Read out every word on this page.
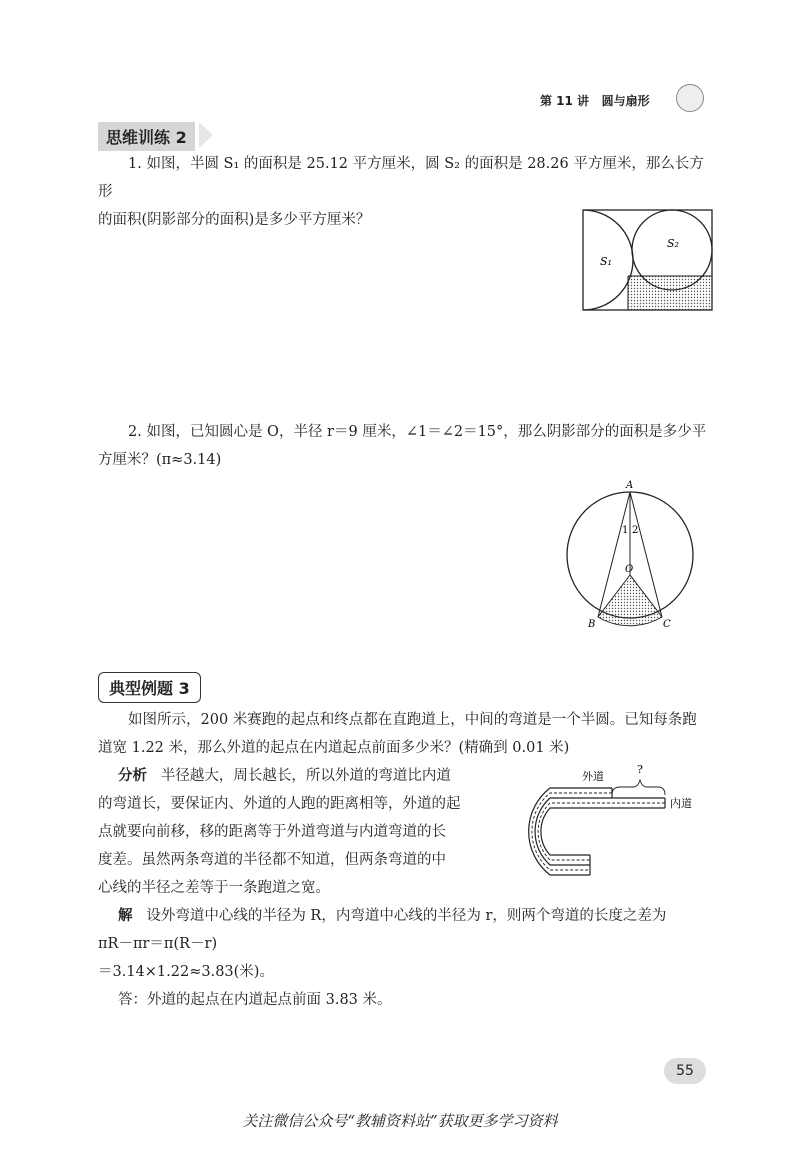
第 11 讲 圆与扇形
思维训练 2
1. 如图，半圆 S₁ 的面积是 25.12 平方厘米，圆 S₂ 的面积是 28.26 平方厘米，那么长方形
的面积(阴影部分的面积)是多少平方厘米？
S₁
S₂
2. 如图，已知圆心是 O，半径 r＝9 厘米，∠1＝∠2＝15°，那么阴影部分的面积是多少平
方厘米？(π≈3.14)
A
B	C
O
1 2
典型例题 3
如图所示，200 米赛跑的起点和终点都在直跑道上，中间的弯道是一个半圆。已知每条跑
道宽 1.22 米，那么外道的起点在内道起点前面多少米？(精确到 0.01 米)
分析 半径越大，周长越长，所以外道的弯道比内道
的弯道长，要保证内、外道的人跑的距离相等，外道的起
点就要向前移，移的距离等于外道弯道与内道弯道的长
度差。虽然两条弯道的半径都不知道，但两条弯道的中
心线的半径之差等于一条跑道之宽。
外道
?
内道
解 设外弯道中心线的半径为 R，内弯道中心线的半径为 r，则两个弯道的长度之差为
πR－πr＝π(R－r)
＝3.14×1.22≈3.83(米)。
答：外道的起点在内道起点前面 3.83 米。
55
关注微信公众号“教辅资料站”获取更多学习资料
